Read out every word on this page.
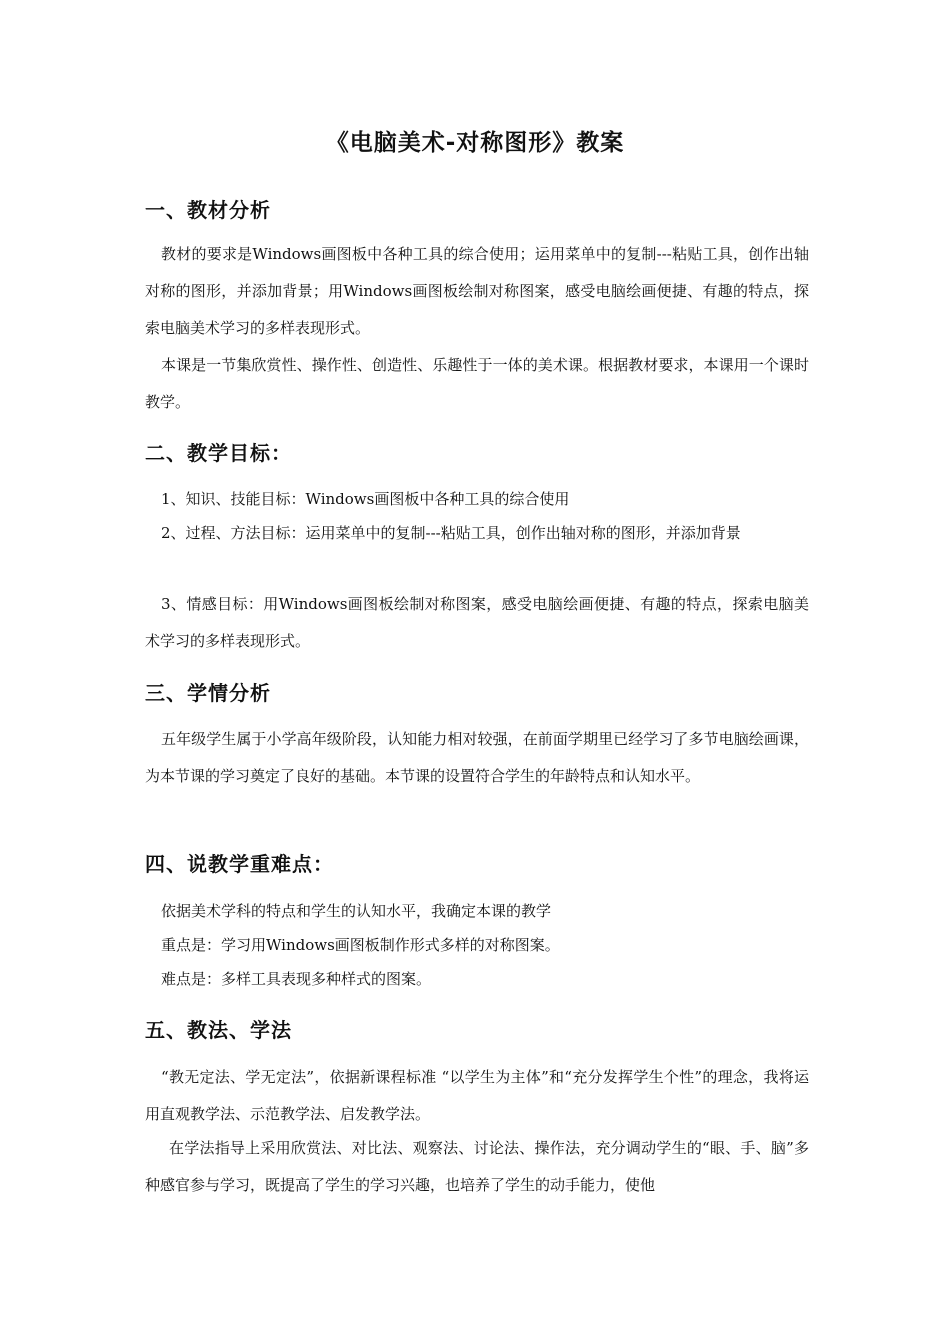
《电脑美术-对称图形》教案
一、教材分析

教材的要求是Windows画图板中各种工具的综合使用；运用菜单中的复制---粘贴工具，创作出轴对称的图形，并添加背景；用Windows画图板绘制对称图案，感受电脑绘画便捷、有趣的特点，探索电脑美术学习的多样表现形式。

本课是一节集欣赏性、操作性、创造性、乐趣性于一体的美术课。根据教材要求，本课用一个课时教学。

二、教学目标：

1、知识、技能目标：Windows画图板中各种工具的综合使用

2、过程、方法目标：运用菜单中的复制---粘贴工具，创作出轴对称的图形，并添加背景

3、情感目标：用Windows画图板绘制对称图案，感受电脑绘画便捷、有趣的特点，探索电脑美术学习的多样表现形式。

三、学情分析

五年级学生属于小学高年级阶段，认知能力相对较强，在前面学期里已经学习了多节电脑绘画课，为本节课的学习奠定了良好的基础。本节课的设置符合学生的年龄特点和认知水平。

四、说教学重难点：

依据美术学科的特点和学生的认知水平，我确定本课的教学

重点是：学习用Windows画图板制作形式多样的对称图案。

难点是：多样工具表现多种样式的图案。

五、教法、学法

“教无定法、学无定法”，依据新课程标准 “以学生为主体”和“充分发挥学生个性”的理念，我将运用直观教学法、示范教学法、启发教学法。

在学法指导上采用欣赏法、对比法、观察法、讨论法、操作法，充分调动学生的“眼、手、脑”多种感官参与学习，既提高了学生的学习兴趣，也培养了学生的动手能力，使他
